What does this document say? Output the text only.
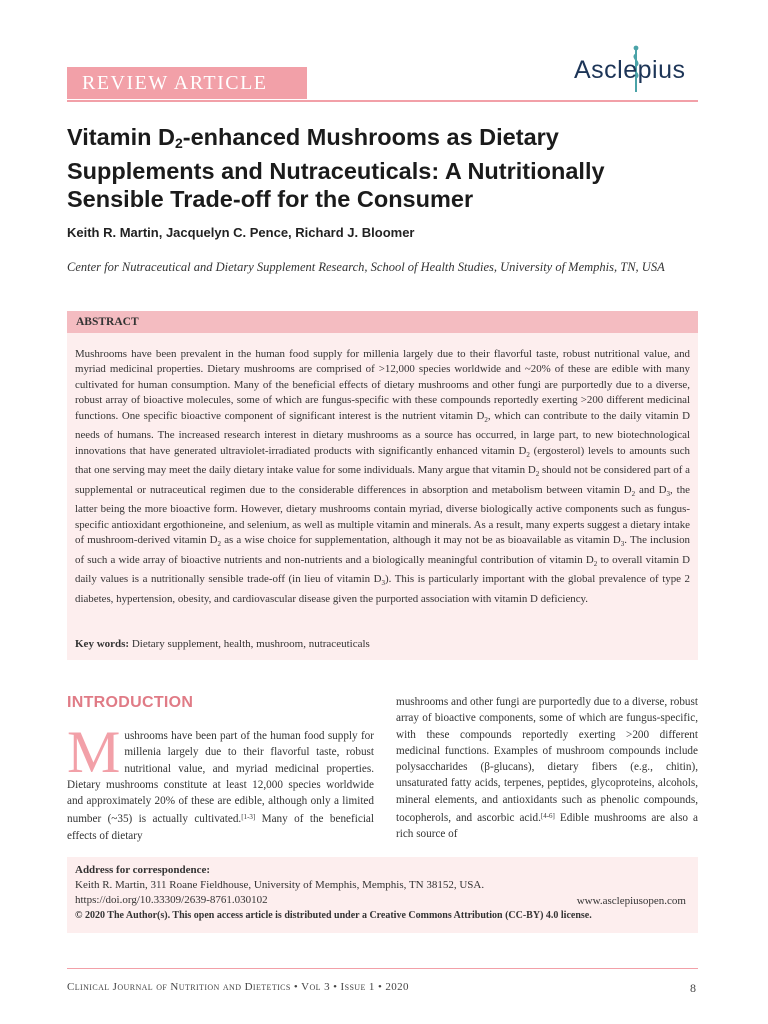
REVIEW ARTICLE	Asclepius
Vitamin $D_2$-enhanced Mushrooms as Dietary
Supplements and Nutraceuticals: A Nutritionally
Sensible Trade-off for the Consumer
Keith R. Martin, Jacquelyn C. Pence, Richard J. Bloomer
Center for Nutraceutical and Dietary Supplement Research, School of Health Studies, University of Memphis, TN, USA
ABSTRACT

Mushrooms have been prevalent in the human food supply for millenia largely due to their flavorful taste, robust nutritional value, and myriad medicinal properties. Dietary mushrooms are comprised of >12,000 species worldwide and ~20% of these are edible with many cultivated for human consumption. Many of the beneficial effects of dietary mushrooms and other fungi are purportedly due to a diverse, robust array of bioactive molecules, some of which are fungus-specific with these compounds reportedly exerting >200 different medicinal functions. One specific bioactive component of significant interest is the nutrient vitamin $D_2$, which can contribute to the daily vitamin D needs of humans. The increased research interest in dietary mushrooms as a source has occurred, in large part, to new biotechnological innovations that have generated ultraviolet-irradiated products with significantly enhanced vitamin $D_2$ (ergosterol) levels to amounts such that one serving may meet the daily dietary intake value for some individuals. Many argue that vitamin $D_2$ should not be considered part of a supplemental or nutraceutical regimen due to the considerable differences in absorption and metabolism between vitamin $D_2$ and $D_3$, the latter being the more bioactive form. However, dietary mushrooms contain myriad, diverse biologically active components such as fungus-specific antioxidant ergothioneine, and selenium, as well as multiple vitamin and minerals. As a result, many experts suggest a dietary intake of mushroom-derived vitamin $D_2$ as a wise choice for supplementation, although it may not be as bioavailable as vitamin $D_3$. The inclusion of such a wide array of bioactive nutrients and non-nutrients and a biologically meaningful contribution of vitamin $D_2$ to overall vitamin D daily values is a nutritionally sensible trade-off (in lieu of vitamin $D_3$). This is particularly important with the global prevalence of type 2 diabetes, hypertension, obesity, and cardiovascular disease given the purported association with vitamin D deficiency.

Key words: Dietary supplement, health, mushroom, nutraceuticals
INTRODUCTION
Mushrooms have been part of the human food supply for millenia largely due to their flavorful taste, robust nutritional value, and myriad medicinal properties. Dietary mushrooms constitute at least 12,000 species worldwide and approximately 20% of these are edible, although only a limited number (~35) is actually cultivated.[1-3] Many of the beneficial effects of dietary
mushrooms and other fungi are purportedly due to a diverse, robust array of bioactive components, some of which are fungus-specific, with these compounds reportedly exerting >200 different medicinal functions. Examples of mushroom compounds include polysaccharides (β-glucans), dietary fibers (e.g., chitin), unsaturated fatty acids, terpenes, peptides, glycoproteins, alcohols, mineral elements, and antioxidants such as phenolic compounds, tocopherols, and ascorbic acid.[4-6] Edible mushrooms are also a rich source of
Address for correspondence:
Keith R. Martin, 311 Roane Fieldhouse, University of Memphis, Memphis, TN 38152, USA.
https://doi.org/10.33309/2639-8761.030102	www.asclepiusopen.com
© 2020 The Author(s). This open access article is distributed under a Creative Commons Attribution (CC-BY) 4.0 license.
Clinical Journal of Nutrition and Dietetics • Vol 3 • Issue 1 • 2020	8
